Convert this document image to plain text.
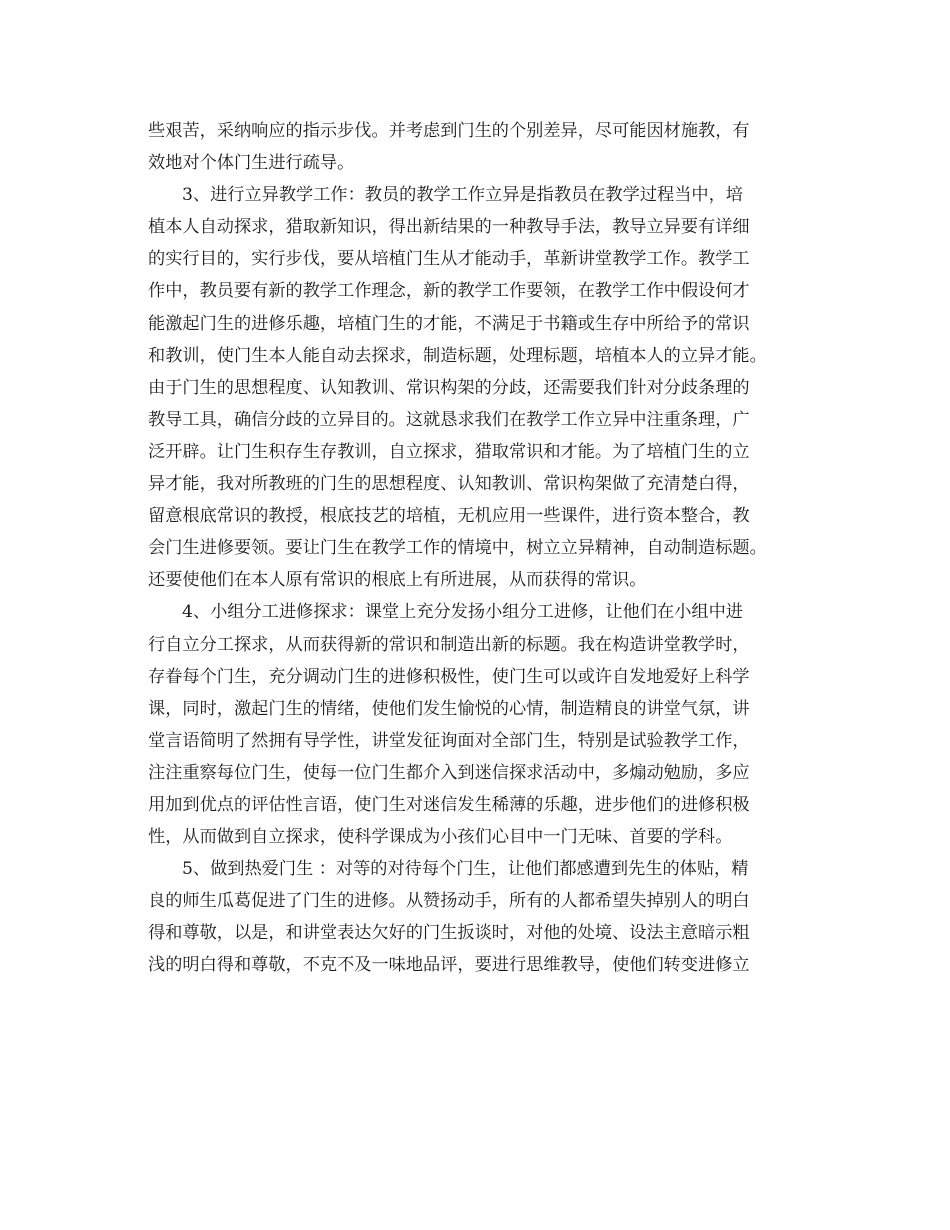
些艰苦，采纳响应的指示步伐。并考虑到门生的个别差异，尽可能因材施教，有
效地对个体门生进行疏导。
3、进行立异教学工作：教员的教学工作立异是指教员在教学过程当中，培
植本人自动探求，猎取新知识，得出新结果的一种教导手法，教导立异要有详细
的实行目的，实行步伐，要从培植门生从才能动手，革新讲堂教学工作。教学工
作中，教员要有新的教学工作理念，新的教学工作要领，在教学工作中假设何才
能激起门生的进修乐趣，培植门生的才能，不满足于书籍或生存中所给予的常识
和教训，使门生本人能自动去探求，制造标题，处理标题，培植本人的立异才能。
由于门生的思想程度、认知教训、常识构架的分歧，还需要我们针对分歧条理的
教导工具，确信分歧的立异目的。这就恳求我们在教学工作立异中注重条理，广
泛开辟。让门生积存生存教训，自立探求，猎取常识和才能。为了培植门生的立
异才能，我对所教班的门生的思想程度、认知教训、常识构架做了充清楚白得，
留意根底常识的教授，根底技艺的培植，无机应用一些课件，进行资本整合，教
会门生进修要领。要让门生在教学工作的情境中，树立立异精神，自动制造标题。
还要使他们在本人原有常识的根底上有所进展，从而获得的常识。
4、小组分工进修探求：课堂上充分发扬小组分工进修，让他们在小组中进
行自立分工探求，从而获得新的常识和制造出新的标题。我在构造讲堂教学时，
存眷每个门生，充分调动门生的进修积极性，使门生可以或许自发地爱好上科学
课，同时，激起门生的情绪，使他们发生愉悦的心情，制造精良的讲堂气氛，讲
堂言语简明了然拥有导学性，讲堂发征询面对全部门生，特别是试验教学工作，
注注重察每位门生，使每一位门生都介入到迷信探求活动中，多煽动勉励，多应
用加到优点的评估性言语，使门生对迷信发生稀薄的乐趣，进步他们的进修积极
性，从而做到自立探求，使科学课成为小孩们心目中一门无味、首要的学科。
5、做到热爱门生 ：对等的对待每个门生，让他们都感遭到先生的体贴，精
良的师生瓜葛促进了门生的进修。从赞扬动手，所有的人都希望失掉别人的明白
得和尊敬，以是，和讲堂表达欠好的门生扳谈时，对他的处境、设法主意暗示粗
浅的明白得和尊敬，不克不及一味地品评，要进行思维教导，使他们转变进修立
